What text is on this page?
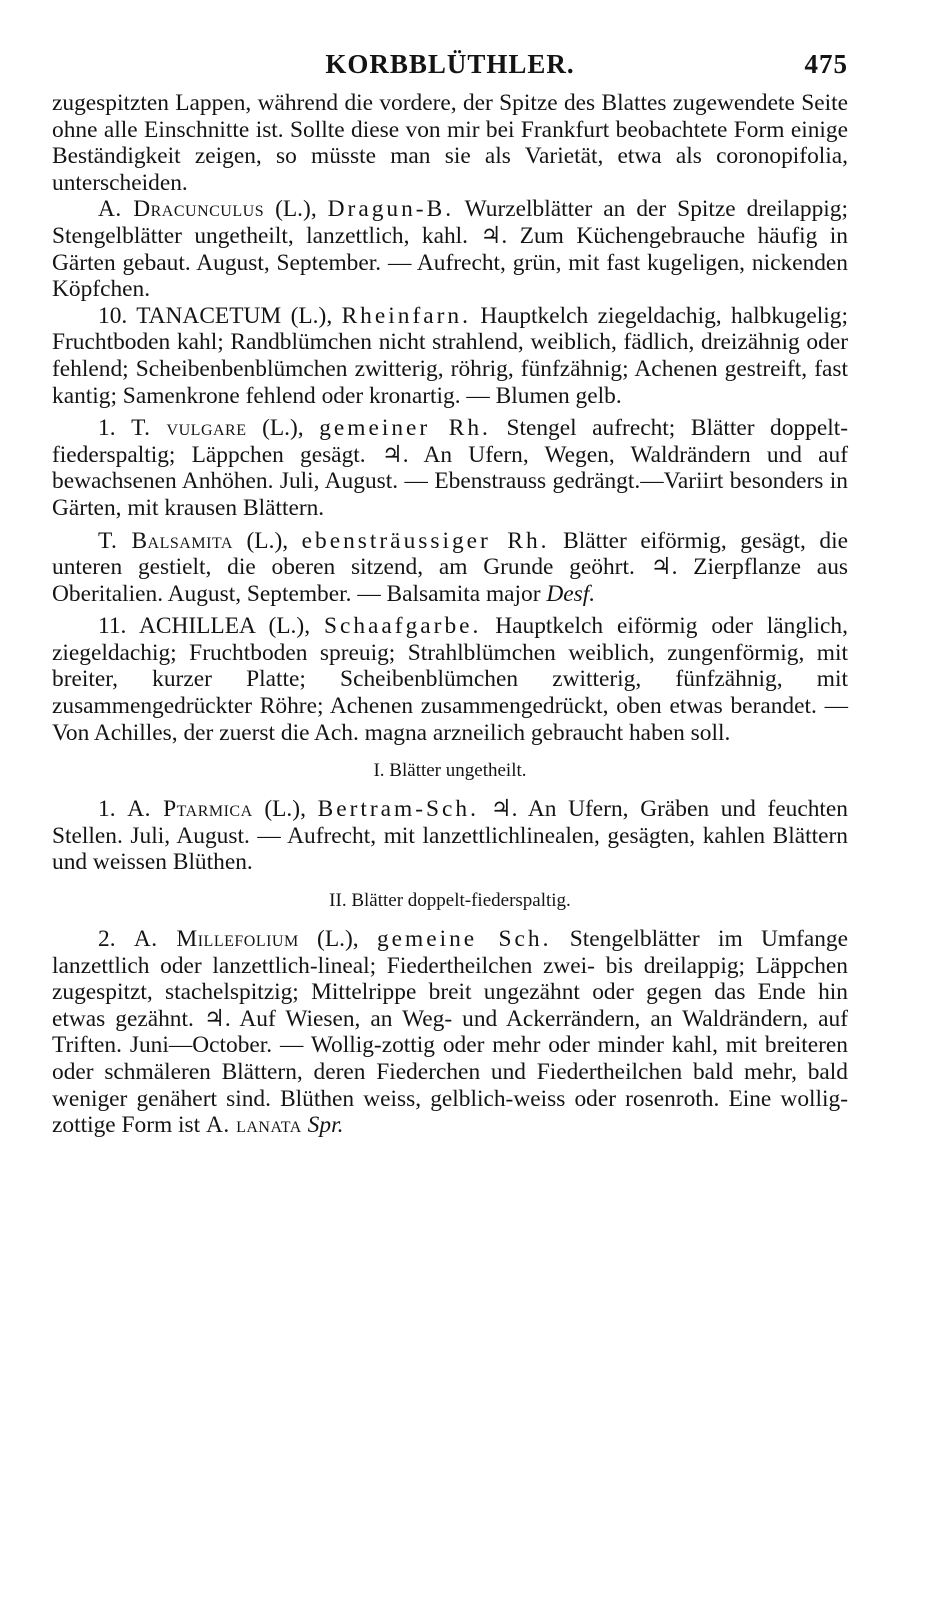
KORBBLÜTHLER.	475

zugespitzten Lappen, während die vordere, der Spitze des Blattes zugewendete Seite ohne alle Einschnitte ist. Sollte diese von mir bei Frankfurt beobachtete Form einige Beständigkeit zeigen, so müsste man sie als Varietät, etwa als coronopifolia, unterscheiden.

A. Dracunculus (L.), Dragun-B. Wurzelblätter an der Spitze dreilappig; Stengelblätter ungetheilt, lanzettlich, kahl. ♃. Zum Küchengebrauche häufig in Gärten gebaut. August, September. — Aufrecht, grün, mit fast kugeligen, nickenden Köpfchen.

10. TANACETUM (L.), Rheinfarn. Hauptkelch ziegeldachig, halbkugelig; Fruchtboden kahl; Randblümchen nicht strahlend, weiblich, fädlich, dreizähnig oder fehlend; Scheibenbenblümchen zwitterig, röhrig, fünfzähnig; Achenen gestreift, fast kantig; Samenkrone fehlend oder kronartig. — Blumen gelb.

1. T. vulgare (L.), gemeiner Rh. Stengel aufrecht; Blätter doppelt-fiederspaltig; Läppchen gesägt. ♃. An Ufern, Wegen, Waldrändern und auf bewachsenen Anhöhen. Juli, August. — Ebenstrauss gedrängt.—Variirt besonders in Gärten, mit krausen Blättern.

T. Balsamita (L.), ebensträussiger Rh. Blätter eiförmig, gesägt, die unteren gestielt, die oberen sitzend, am Grunde geöhrt. ♃. Zierpflanze aus Oberitalien. August, September. — Balsamita major Desf.

11. ACHILLEA (L.), Schaafgarbe. Hauptkelch eiförmig oder länglich, ziegeldachig; Fruchtboden spreuig; Strahlblümchen weiblich, zungenförmig, mit breiter, kurzer Platte; Scheibenblümchen zwitterig, fünfzähnig, mit zusammengedrückter Röhre; Achenen zusammengedrückt, oben etwas berandet. — Von Achilles, der zuerst die Ach. magna arzneilich gebraucht haben soll.

I. Blätter ungetheilt.

1. A. Ptarmica (L.), Bertram-Sch. ♃. An Ufern, Gräben und feuchten Stellen. Juli, August. — Aufrecht, mit lanzettlichlinealen, gesägten, kahlen Blättern und weissen Blüthen.

II. Blätter doppelt-fiederspaltig.

2. A. Millefolium (L.), gemeine Sch. Stengelblätter im Umfange lanzettlich oder lanzettlich-lineal; Fiedertheilchen zwei- bis dreilappig; Läppchen zugespitzt, stachelspitzig; Mittelrippe breit ungezähnt oder gegen das Ende hin etwas gezähnt. ♃. Auf Wiesen, an Weg- und Ackerrändern, an Waldrändern, auf Triften. Juni—October. — Wollig-zottig oder mehr oder minder kahl, mit breiteren oder schmäleren Blättern, deren Fiederchen und Fiedertheilchen bald mehr, bald weniger genähert sind. Blüthen weiss, gelblich-weiss oder rosenroth. Eine wollig-zottige Form ist A. lanata Spr.
